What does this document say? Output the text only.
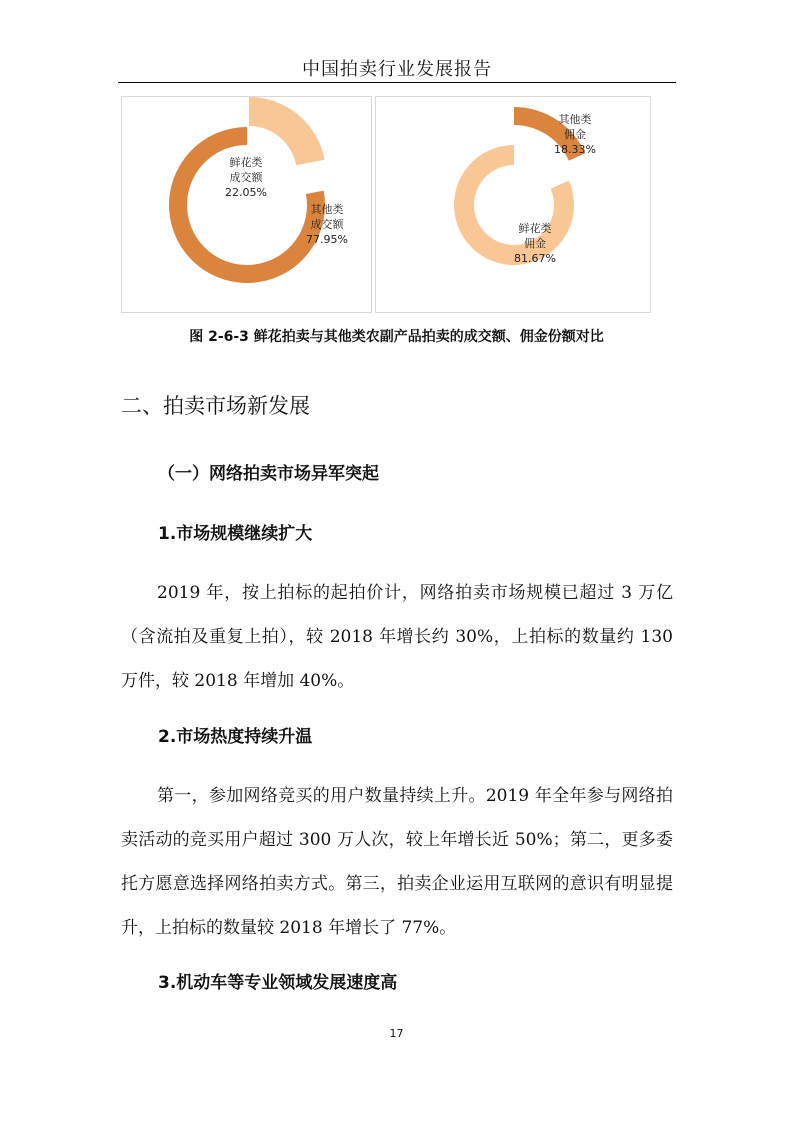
中国拍卖行业发展报告
鲜花类成交额 22.05%
其他类成交额 77.95%
其他类佣金 18.33%
鲜花类佣金 81.67%
图 2-6-3 鲜花拍卖与其他类农副产品拍卖的成交额、佣金份额对比
二、拍卖市场新发展
（一）网络拍卖市场异军突起
1.市场规模继续扩大

2019 年，按上拍标的起拍价计，网络拍卖市场规模已超过 3 万亿（含流拍及重复上拍），较 2018 年增长约 30%，上拍标的数量约 130 万件，较 2018 年增加 40%。

2.市场热度持续升温

第一，参加网络竞买的用户数量持续上升。2019 年全年参与网络拍卖活动的竞买用户超过 300 万人次，较上年增长近 50%；第二，更多委托方愿意选择网络拍卖方式。第三，拍卖企业运用互联网的意识有明显提升，上拍标的数量较 2018 年增长了 77%。

3.机动车等专业领域发展速度高
17
